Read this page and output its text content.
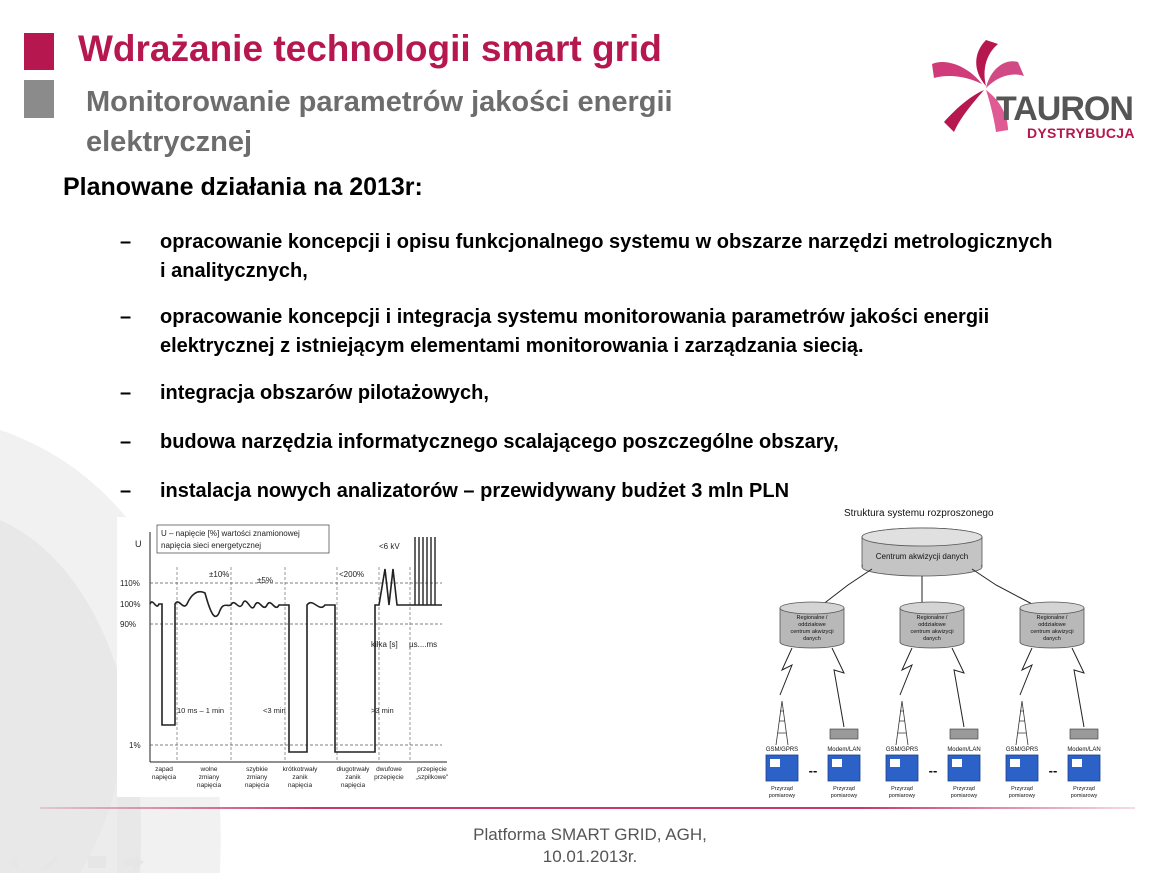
Wdrażanie technologii smart grid
Monitorowanie parametrów jakości energii elektrycznej
TAURON
DYSTRYBUCJA
Planowane działania na 2013r:
– opracowanie koncepcji i opisu funkcjonalnego systemu w obszarze narzędzi metrologicznych i analitycznych,
– opracowanie koncepcji i integracja systemu monitorowania parametrów jakości energii elektrycznej z istniejącym elementami monitorowania i zarządzania siecią.
– integracja obszarów pilotażowych,
– budowa narzędzia informatycznego scalającego poszczególne obszary,
– instalacja nowych analizatorów – przewidywany budżet 3 mln PLN
U – napięcie [%] wartości znamionowej
napięcia sieci energetycznej
U
110%
100%
90%
1%
±10%
±5%
<200%
<6 kV
kilka [s] µs....ms
10 ms – 1 min	<3 min	>3 min
zapad
napięcia
wolne
zmiany
napięcia
szybkie
zmiany
napięcia
krótkotrwały
zanik
napięcia
długotrwały
zanik
napięcia
dwufowe
przepięcie
przepięcie
„szpilkowe"
Struktura systemu rozproszonego
Centrum akwizycji danych
Regionalne /
oddziałowe
centrum akwizycji
danych
Regionalne /
oddziałowe
centrum akwizycji
danych
Regionalne /
oddziałowe
centrum akwizycji
danych
GSM/GPRS	Modem/LAN	GSM/GPRS	Modem/LAN	GSM/GPRS	Modem/LAN
--	--	--
Przyrząd
pomiarowy
Przyrząd
pomiarowy
Przyrząd
pomiarowy
Przyrząd
pomiarowy
Przyrząd
pomiarowy
Przyrząd
pomiarowy
Platforma SMART GRID, AGH,
10.01.2013r.
